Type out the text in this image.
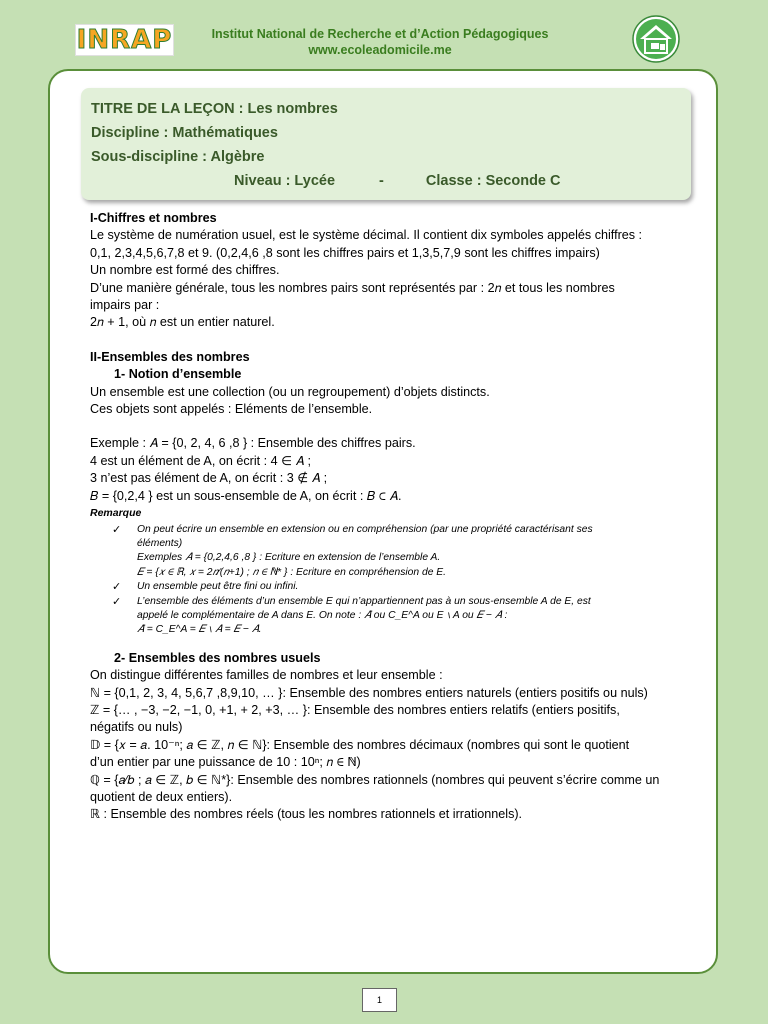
INRAP	Institut National de Recherche et d’Action Pédagogiques
www.ecoleadomicile.me
TITRE DE LA LEÇON : Les nombres
Discipline : Mathématiques
Sous-discipline : Algèbre
Niveau : Lycée	-	Classe : Seconde C

I-Chiffres et nombres

Le système de numération usuel, est le système décimal. Il contient dix symboles appelés chiffres :

0,1, 2,3,4,5,6,7,8 et 9. (0,2,4,6 ,8 sont les chiffres pairs et 1,3,5,7,9 sont les chiffres impairs)

Un nombre est formé des chiffres.

D’une manière générale, tous les nombres pairs sont représentés par : 2𝑛 et tous les nombres

impairs par :

2𝑛 + 1, où 𝑛 est un entier naturel.

II-Ensembles des nombres

1- Notion d’ensemble

Un ensemble est une collection (ou un regroupement) d’objets distincts.

Ces objets sont appelés : Eléments de l’ensemble.

Exemple : 𝐴 = {0, 2, 4, 6 ,8 } : Ensemble des chiffres pairs.

4 est un élément de A, on écrit : 4 ∈ 𝐴 ;

3 n’est pas élément de A, on écrit : 3 ∉ 𝐴 ;

𝐵 = {0,2,4 } est un sous-ensemble de A, on écrit : 𝐵 ⊂ 𝐴.

Remarque

✓ On peut écrire un ensemble en extension ou en compréhension (par une propriété caractérisant ses
éléments)
Exemples 𝐴 = {0,2,4,6 ,8 } : Ecriture en extension de l’ensemble A.
𝐸 = {𝑥 ∈ ℝ, 𝑥 = 2𝑛⁄(𝑛+1) ; 𝑛 ∈ ℕ* } : Ecriture en compréhension de E.
✓ Un ensemble peut être fini ou infini.
✓ L’ensemble des éléments d’un ensemble E qui n’appartiennent pas à un sous-ensemble A de E, est
appelé le complémentaire de A dans E. On note : 𝐴̄ ou C_E^A ou E ∖ A ou 𝐸 − 𝐴 :
𝐴̄ = C_E^A = 𝐸 ∖ 𝐴 = 𝐸 − 𝐴.

2- Ensembles des nombres usuels

On distingue différentes familles de nombres et leur ensemble :

ℕ = {0,1, 2, 3, 4, 5,6,7 ,8,9,10, … }: Ensemble des nombres entiers naturels (entiers positifs ou nuls)

ℤ = {… , −3, −2, −1, 0, +1, + 2, +3, … }: Ensemble des nombres entiers relatifs (entiers positifs,

négatifs ou nuls)

𝔻 = {𝑥 = 𝑎. 10⁻ⁿ; 𝑎 ∈ ℤ, 𝑛 ∈ ℕ}: Ensemble des nombres décimaux (nombres qui sont le quotient

d’un entier par une puissance de 10 : 10ⁿ; 𝑛 ∈ ℕ)

ℚ = {𝑎⁄𝑏 ; 𝑎 ∈ ℤ, 𝑏 ∈ ℕ*}: Ensemble des nombres rationnels (nombres qui peuvent s’écrire comme un

quotient de deux entiers).

ℝ : Ensemble des nombres réels (tous les nombres rationnels et irrationnels).

1
